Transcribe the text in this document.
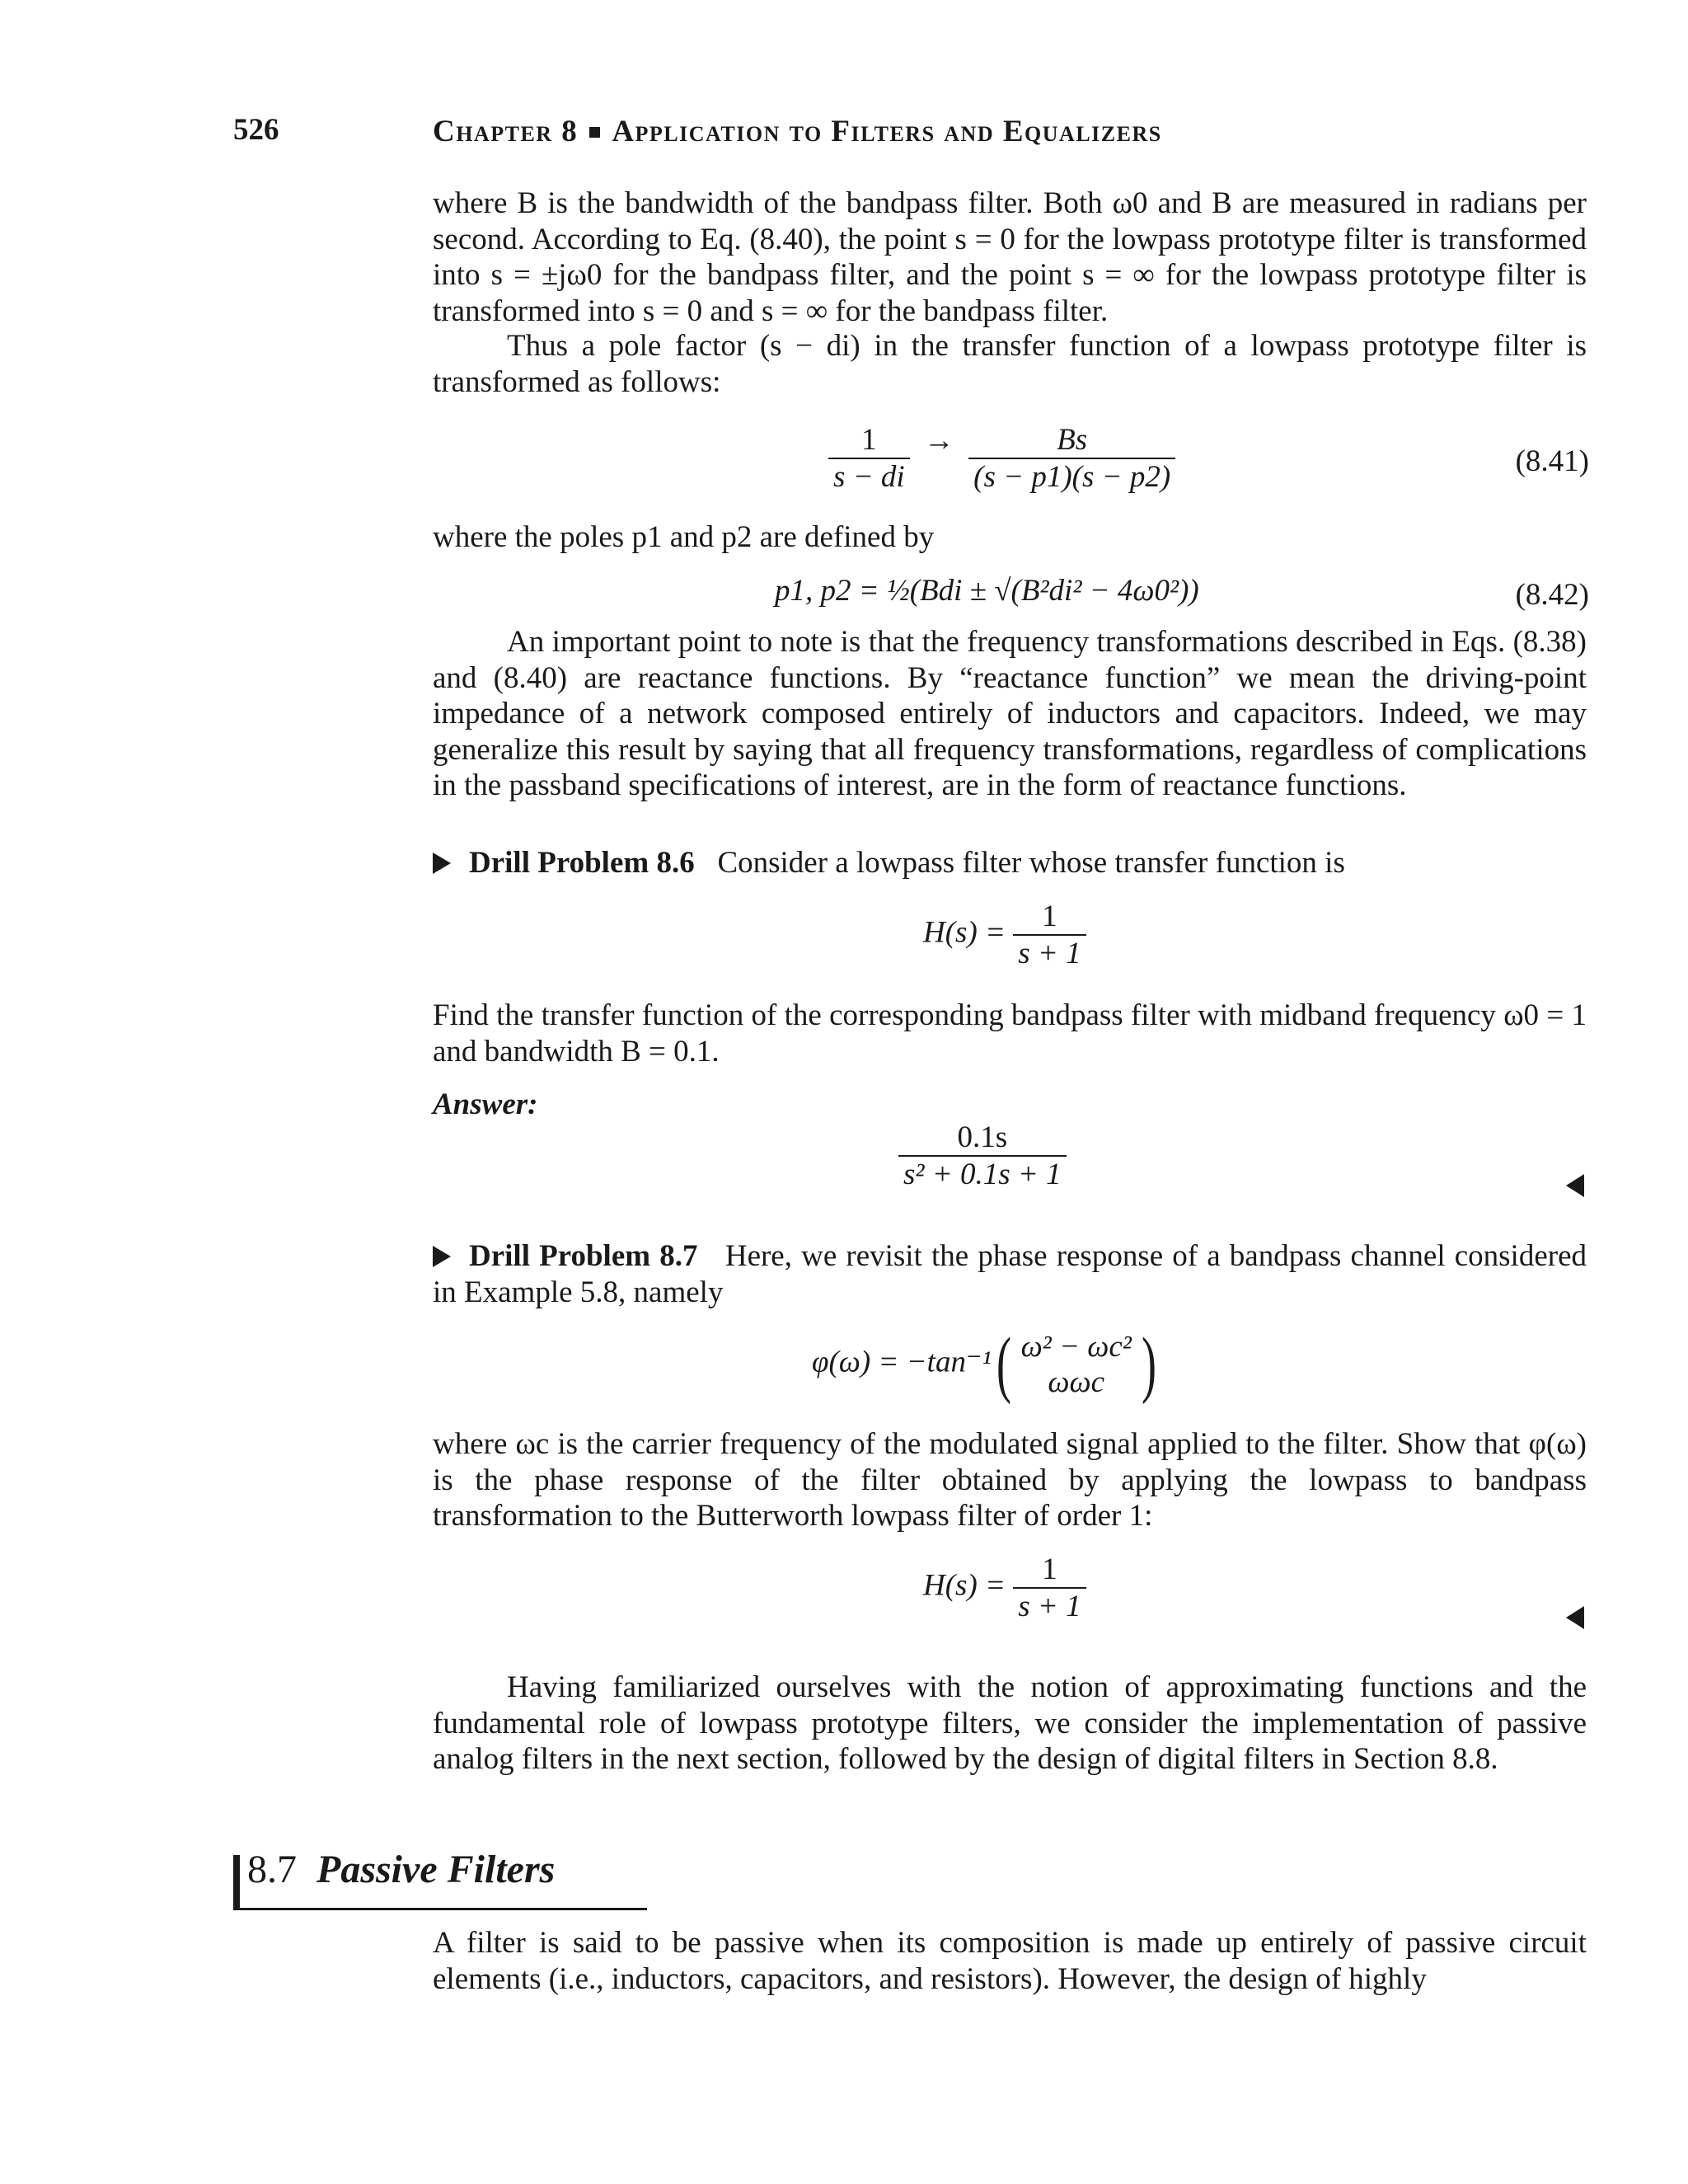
526	Chapter 8 Application to Filters and Equalizers

where B is the bandwidth of the bandpass filter. Both ω0 and B are measured in radians per second. According to Eq. (8.40), the point s = 0 for the lowpass prototype filter is transformed into s = ±jω0 for the bandpass filter, and the point s = ∞ for the lowpass prototype filter is transformed into s = 0 and s = ∞ for the bandpass filter.

Thus a pole factor (s − di) in the transfer function of a lowpass prototype filter is transformed as follows:

$\frac{1}{s - di} \to \frac{Bs}{(s - p1)(s - p2)}$	(8.41)

where the poles p1 and p2 are defined by

p1, p2 = ½(Bdi ± √(B²di² − 4ω0²))	(8.42)

An important point to note is that the frequency transformations described in Eqs. (8.38) and (8.40) are reactance functions. By “reactance function” we mean the driving-point impedance of a network composed entirely of inductors and capacitors. Indeed, we may generalize this result by saying that all frequency transformations, regardless of complications in the passband specifications of interest, are in the form of reactance functions.

Drill Problem 8.6 Consider a lowpass filter whose transfer function is

$H(s) = \frac{1}{s + 1}$

Find the transfer function of the corresponding bandpass filter with midband frequency ω0 = 1 and bandwidth B = 0.1.

Answer:
$\frac{0.1s}{\text{s² + 0.1s + 1}}$

Drill Problem 8.7 Here, we revisit the phase response of a bandpass channel considered in Example 5.8, namely

φ(ω) = −tan⁻¹( ω² − ωc²
ωωc )

where ωc is the carrier frequency of the modulated signal applied to the filter. Show that φ(ω) is the phase response of the filter obtained by applying the lowpass to bandpass transformation to the Butterworth lowpass filter of order 1:

$H(s) = \frac{1}{s + 1}$

Having familiarized ourselves with the notion of approximating functions and the fundamental role of lowpass prototype filters, we consider the implementation of passive analog filters in the next section, followed by the design of digital filters in Section 8.8.

8.7 Passive Filters

A filter is said to be passive when its composition is made up entirely of passive circuit elements (i.e., inductors, capacitors, and resistors). However, the design of highly
